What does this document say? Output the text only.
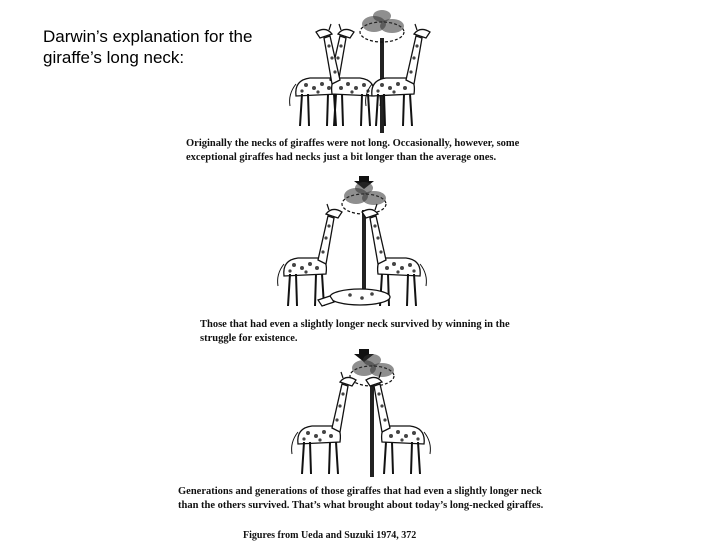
Darwin’s explanation for the giraffe’s long neck:
Originally the necks of giraffes were not long. Occasionally, however, some exceptional giraffes had necks just a bit longer than the average ones.
Those that had even a slightly longer neck survived by winning in the struggle for existence.
Generations and generations of those giraffes that had even a slightly longer neck than the others survived. That’s what brought about today’s long-necked giraffes.
Figures from Ueda and Suzuki 1974, 372
